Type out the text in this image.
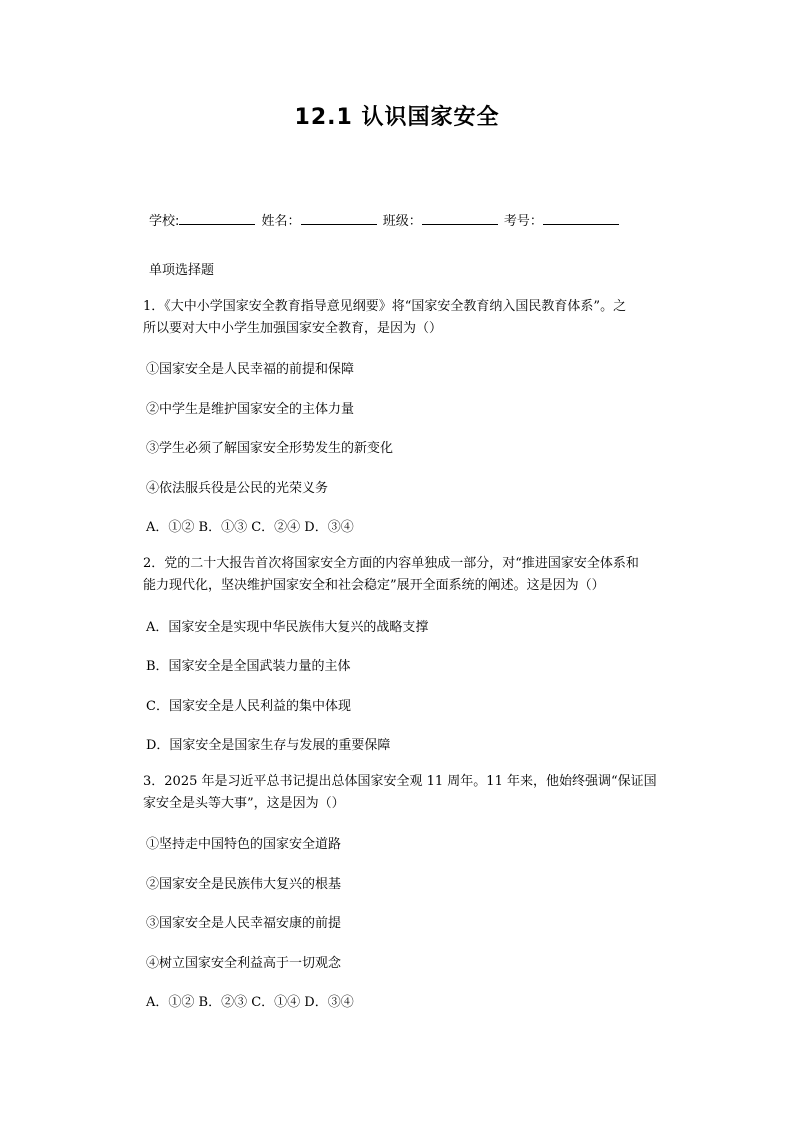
12.1 认识国家安全
学校:	姓名：	班级：	考号：
单项选择题
1．《大中小学国家安全教育指导意见纲要》将“国家安全教育纳入国民教育体系”。之
所以要对大中小学生加强国家安全教育，是因为（）
①国家安全是人民幸福的前提和保障
②中学生是维护国家安全的主体力量
③学生必须了解国家安全形势发生的新变化
④依法服兵役是公民的光荣义务
A．①② B．①③ C．②④ D．③④
2．党的二十大报告首次将国家安全方面的内容单独成一部分，对“推进国家安全体系和
能力现代化，坚决维护国家安全和社会稳定”展开全面系统的阐述。这是因为（）
A．国家安全是实现中华民族伟大复兴的战略支撑
B．国家安全是全国武装力量的主体
C．国家安全是人民利益的集中体现
D．国家安全是国家生存与发展的重要保障
3．2025 年是习近平总书记提出总体国家安全观 11 周年。11 年来，他始终强调“保证国
家安全是头等大事”，这是因为（）
①坚持走中国特色的国家安全道路
②国家安全是民族伟大复兴的根基
③国家安全是人民幸福安康的前提
④树立国家安全利益高于一切观念
A．①② B．②③ C．①④ D．③④
